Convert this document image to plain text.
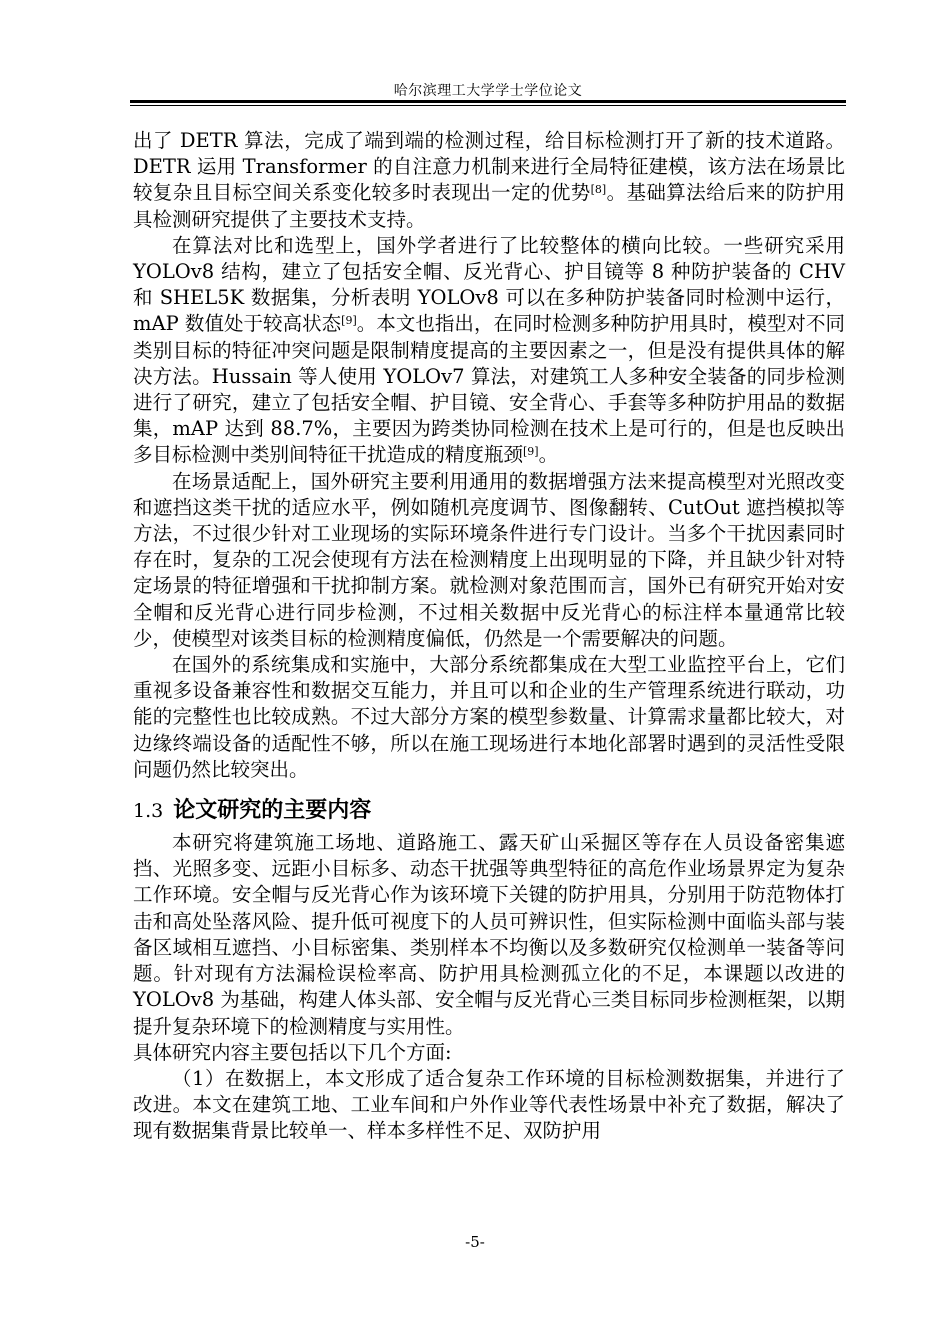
哈尔滨理工大学学士学位论文

出了 DETR 算法，完成了端到端的检测过程，给目标检测打开了新的技术道路。DETR 运用 Transformer 的自注意力机制来进行全局特征建模，该方法在场景比较复杂且目标空间关系变化较多时表现出一定的优势[8]。基础算法给后来的防护用具检测研究提供了主要技术支持。

在算法对比和选型上，国外学者进行了比较整体的横向比较。一些研究采用 YOLOv8 结构，建立了包括安全帽、反光背心、护目镜等 8 种防护装备的 CHV 和 SHEL5K 数据集，分析表明 YOLOv8 可以在多种防护装备同时检测中运行，mAP 数值处于较高状态[9]。本文也指出，在同时检测多种防护用具时，模型对不同类别目标的特征冲突问题是限制精度提高的主要因素之一，但是没有提供具体的解决方法。Hussain 等人使用 YOLOv7 算法，对建筑工人多种安全装备的同步检测进行了研究，建立了包括安全帽、护目镜、安全背心、手套等多种防护用品的数据集，mAP 达到 88.7%，主要因为跨类协同检测在技术上是可行的，但是也反映出多目标检测中类别间特征干扰造成的精度瓶颈[9]。

在场景适配上，国外研究主要利用通用的数据增强方法来提高模型对光照改变和遮挡这类干扰的适应水平，例如随机亮度调节、图像翻转、CutOut 遮挡模拟等方法，不过很少针对工业现场的实际环境条件进行专门设计。当多个干扰因素同时存在时，复杂的工况会使现有方法在检测精度上出现明显的下降，并且缺少针对特定场景的特征增强和干扰抑制方案。就检测对象范围而言，国外已有研究开始对安全帽和反光背心进行同步检测，不过相关数据中反光背心的标注样本量通常比较少，使模型对该类目标的检测精度偏低，仍然是一个需要解决的问题。

在国外的系统集成和实施中，大部分系统都集成在大型工业监控平台上，它们重视多设备兼容性和数据交互能力，并且可以和企业的生产管理系统进行联动，功能的完整性也比较成熟。不过大部分方案的模型参数量、计算需求量都比较大，对边缘终端设备的适配性不够，所以在施工现场进行本地化部署时遇到的灵活性受限问题仍然比较突出。

1.3 论文研究的主要内容

本研究将建筑施工场地、道路施工、露天矿山采掘区等存在人员设备密集遮挡、光照多变、远距小目标多、动态干扰强等典型特征的高危作业场景界定为复杂工作环境。安全帽与反光背心作为该环境下关键的防护用具，分别用于防范物体打击和高处坠落风险、提升低可视度下的人员可辨识性，但实际检测中面临头部与装备区域相互遮挡、小目标密集、类别样本不均衡以及多数研究仅检测单一装备等问题。针对现有方法漏检误检率高、防护用具检测孤立化的不足，本课题以改进的 YOLOv8 为基础，构建人体头部、安全帽与反光背心三类目标同步检测框架，以期提升复杂环境下的检测精度与实用性。

具体研究内容主要包括以下几个方面:

（1）在数据上，本文形成了适合复杂工作环境的目标检测数据集，并进行了改进。本文在建筑工地、工业车间和户外作业等代表性场景中补充了数据，解决了现有数据集背景比较单一、样本多样性不足、双防护用

-5-
